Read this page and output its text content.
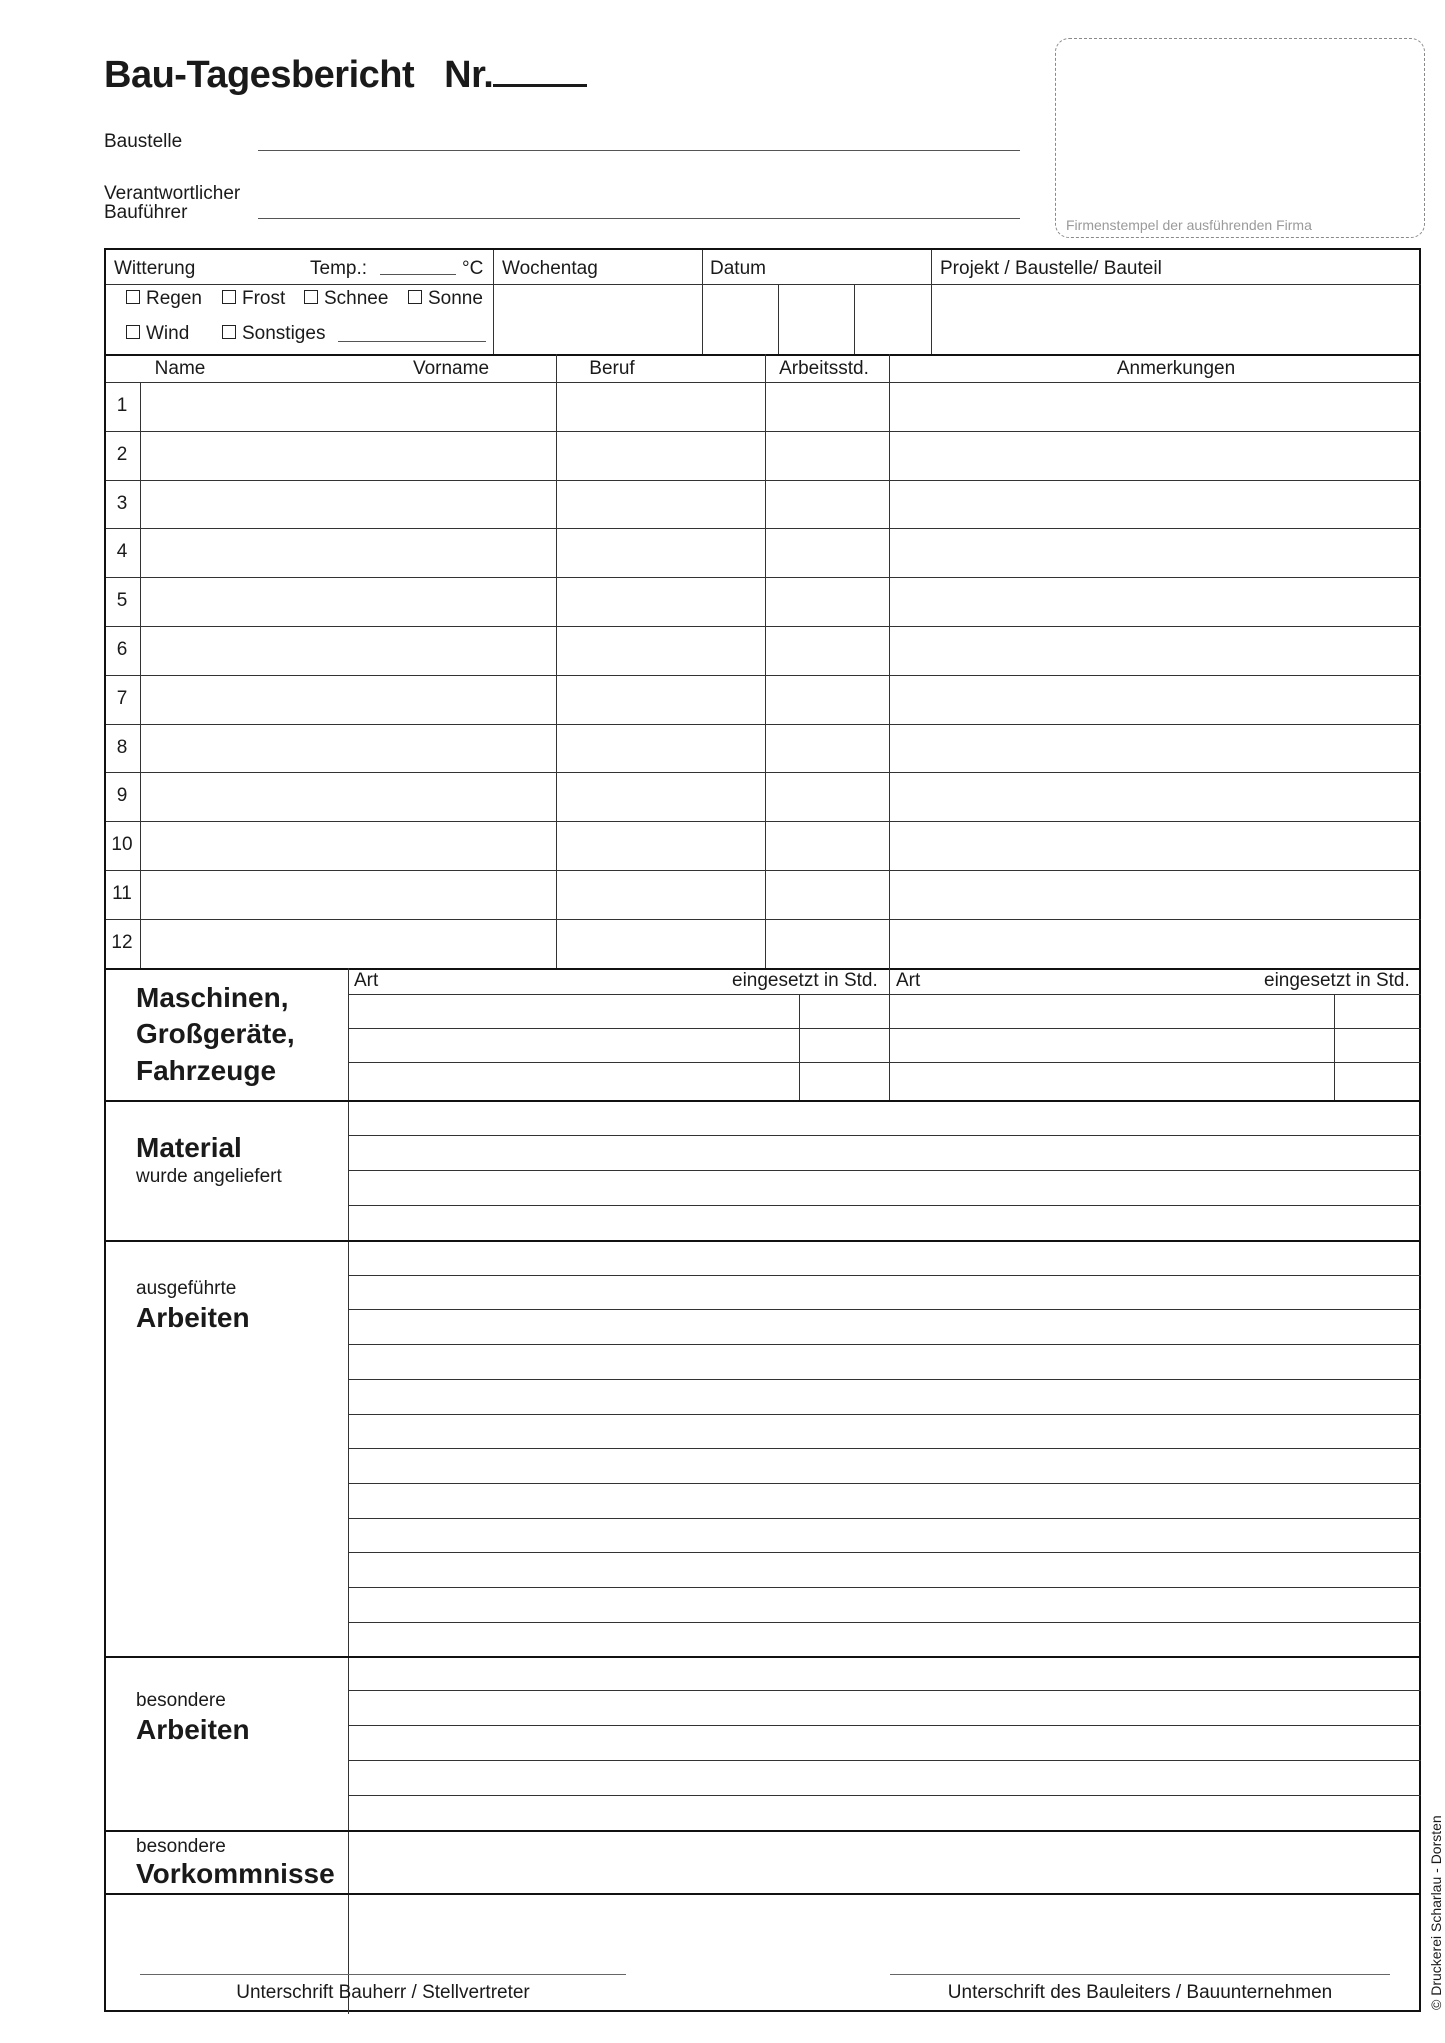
Bau-Tagesbericht Nr.
Baustelle
Verantwortlicher
Bauführer
Firmenstempel der ausführenden Firma
Witterung	Temp.:	°C
Regen	Frost	Schnee	Sonne
Wind	Sonstiges
Wochentag	Datum	Projekt / Baustelle/ Bauteil
Name	Vorname	Beruf	Arbeitsstd.	Anmerkungen
1
2
3
4
5
6
7
8
9
10
11
12
Maschinen,
Großgeräte,
Fahrzeuge
Art	eingesetzt in Std. Art	eingesetzt in Std.
Material
wurde angeliefert
ausgeführte
Arbeiten
besondere
Arbeiten
besondere
Vorkommnisse
Unterschrift Bauherr / Stellvertreter	Unterschrift des Bauleiters / Bauunternehmen	© Druckerei Scharlau - Dorsten
